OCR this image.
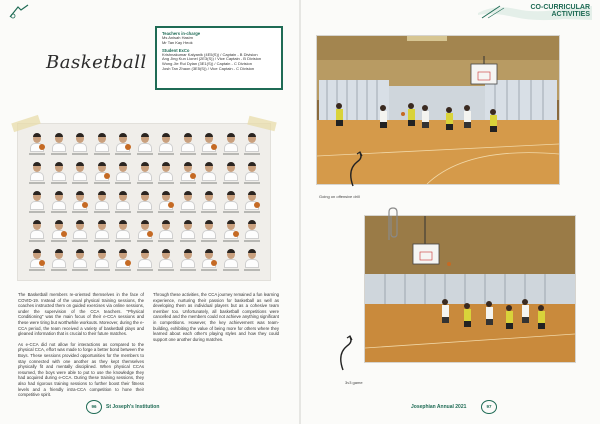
Basketball
Teachers in-charge
Ms Anisah Hasim
Mr Tan Kay Heok
Student ExCo
Krishnakumar Kalyanik (4E5(S)) / Captain - B Division
Ang Jing Kun Lionel (2E3(S)) / Vice Captain - B Division
Wong Jie Rui Dylan (3E1(S)) / Captain - C Division
Josh Tan Zhaon (3E5(S)) / Vice Captain - C Division

The Basketball members re-oriented themselves in the face of COVID-19. Instead of the usual physical training sessions, the coaches instructed them on guided exercises via online sessions, under the supervision of the CCA teachers. "Physical Conditioning" was the main focus of their e-CCA sessions and these were tiring but worthwhile workouts. Moreover, during the e-CCA period, the team received a variety of basketball plays and gleaned information that is crucial to their future matches.

As e-CCA did not allow for interactions as compared to the physical CCA, effort was made to forge a better bond between the Boys. These sessions provided opportunities for the members to stay connected with one another as they kept themselves physically fit and mentally disciplined. When physical CCAs resumed, the boys were able to put to use the knowledge they had acquired during e-CCA. During these training sessions, they also had rigorous training sessions to further boost their fitness levels and a friendly intra-CCA competition to hone their competitive spirit.

Through these activities, the CCA journey remained a fun learning experience, nurturing their passion for basketball as well as developing them as individual players but as a cohesive team member too. Unfortunately, all basketball competitions were cancelled and the members could not achieve anything significant in competitions. However, the key achievement was team-building, exhibiting the value of being more for others where they learned about each other's playing styles and how they could support one another during matches.

96	St Joseph's Institution
CO-CURRICULAR
ACTIVITIES
Going on offensive drill
3v3 game
Josephian Annual 2021	97
